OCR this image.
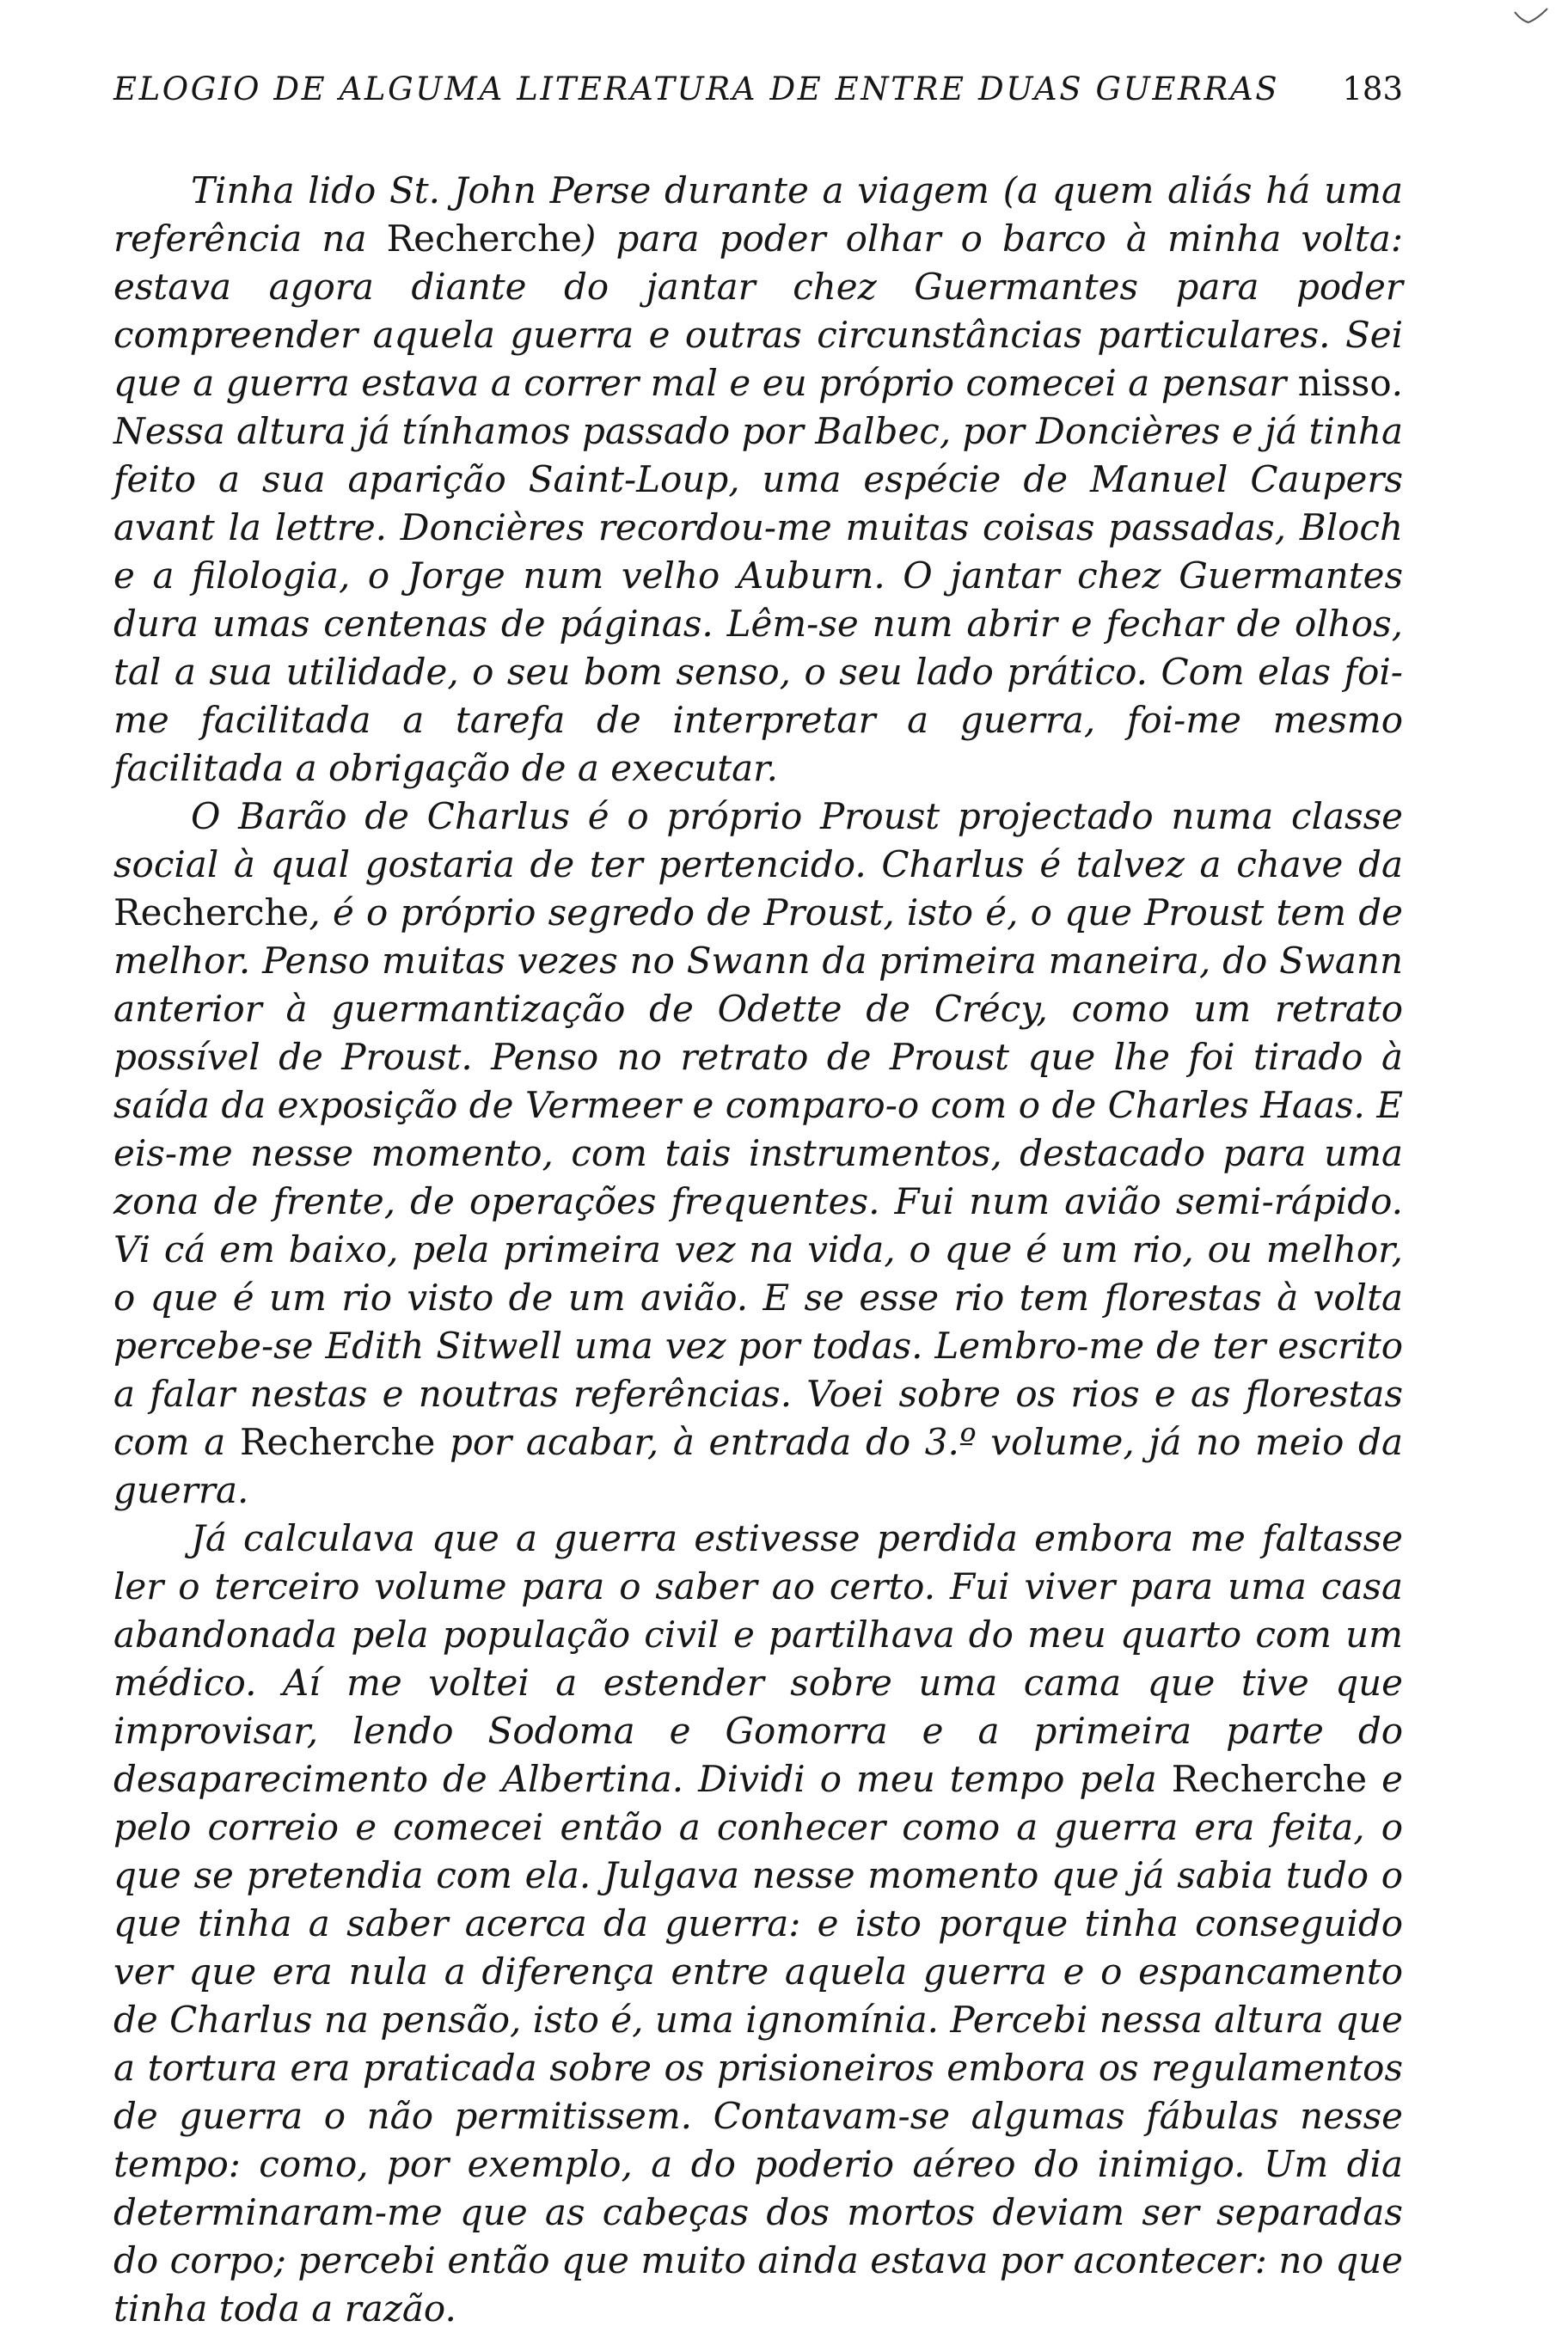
ELOGIO DE ALGUMA LITERATURA DE ENTRE DUAS GUERRAS 183

Tinha lido St. John Perse durante a viagem (a quem aliás há uma referência na Recherche) para poder olhar o barco à minha volta: estava agora diante do jantar chez Guermantes para poder compreender aquela guerra e outras circunstâncias particulares. Sei que a guerra estava a correr mal e eu próprio comecei a pensar nisso. Nessa altura já tínhamos passado por Balbec, por Doncières e já tinha feito a sua aparição Saint-Loup, uma espécie de Manuel Caupers avant la lettre. Doncières recordou-me muitas coisas passadas, Bloch e a filologia, o Jorge num velho Auburn. O jantar chez Guermantes dura umas centenas de páginas. Lêm-se num abrir e fechar de olhos, tal a sua utilidade, o seu bom senso, o seu lado prático. Com elas foi-me facilitada a tarefa de interpretar a guerra, foi-me mesmo facilitada a obrigação de a executar.

O Barão de Charlus é o próprio Proust projectado numa classe social à qual gostaria de ter pertencido. Charlus é talvez a chave da Recherche, é o próprio segredo de Proust, isto é, o que Proust tem de melhor. Penso muitas vezes no Swann da primeira maneira, do Swann anterior à guermantização de Odette de Crécy, como um retrato possível de Proust. Penso no retrato de Proust que lhe foi tirado à saída da exposição de Vermeer e comparo-o com o de Charles Haas. E eis-me nesse momento, com tais instrumentos, destacado para uma zona de frente, de operações frequentes. Fui num avião semi-rápido. Vi cá em baixo, pela primeira vez na vida, o que é um rio, ou melhor, o que é um rio visto de um avião. E se esse rio tem florestas à volta percebe-se Edith Sitwell uma vez por todas. Lembro-me de ter escrito a falar nestas e noutras referências. Voei sobre os rios e as florestas com a Recherche por acabar, à entrada do 3.º volume, já no meio da guerra.

Já calculava que a guerra estivesse perdida embora me faltasse ler o terceiro volume para o saber ao certo. Fui viver para uma casa abandonada pela população civil e partilhava do meu quarto com um médico. Aí me voltei a estender sobre uma cama que tive que improvisar, lendo Sodoma e Gomorra e a primeira parte do desaparecimento de Albertina. Dividi o meu tempo pela Recherche e pelo correio e comecei então a conhecer como a guerra era feita, o que se pretendia com ela. Julgava nesse momento que já sabia tudo o que tinha a saber acerca da guerra: e isto porque tinha conseguido ver que era nula a diferença entre aquela guerra e o espancamento de Charlus na pensão, isto é, uma ignomínia. Percebi nessa altura que a tortura era praticada sobre os prisioneiros embora os regulamentos de guerra o não permitissem. Contavam-se algumas fábulas nesse tempo: como, por exemplo, a do poderio aéreo do inimigo. Um dia determinaram-me que as cabeças dos mortos deviam ser separadas do corpo; percebi então que muito ainda estava por acontecer: no que tinha toda a razão.
